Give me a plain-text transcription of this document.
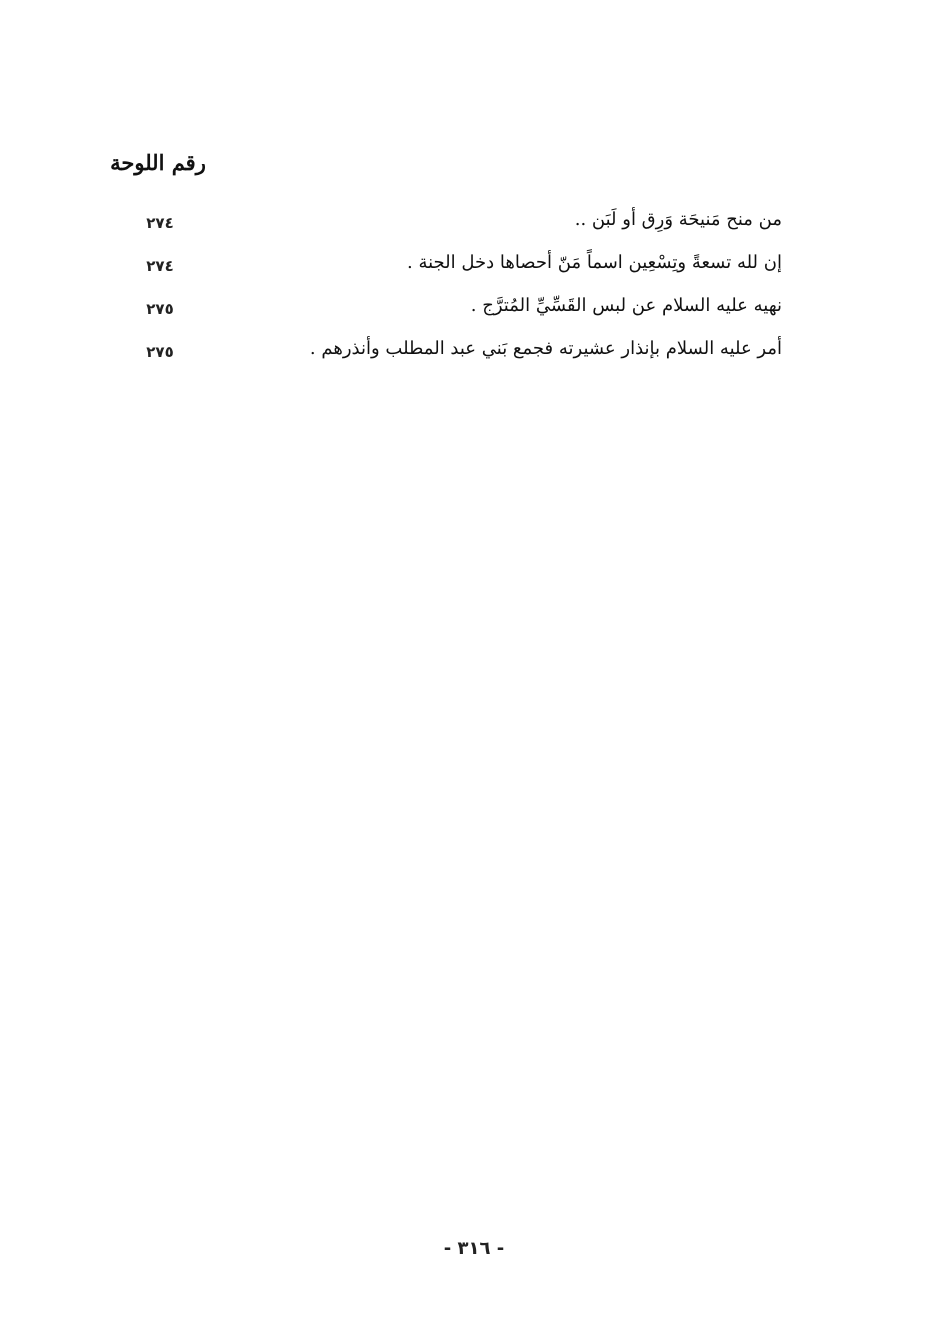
رقم اللوحة
٢٧٤	من منح مَنيحَة وَرِق أو لَبَن ..
٢٧٤	إن لله تسعةً وتِسْعِين اسماً مَنّ أحصاها دخل الجنة .
٢٧٥	نهيه عليه السلام عن لبس القَسِّيِّ المُترَّج .
٢٧٥	أمر عليه السلام بإنذار عشيرته فجمع بَني عبد المطلب وأنذرهم .
- ٣١٦ -
